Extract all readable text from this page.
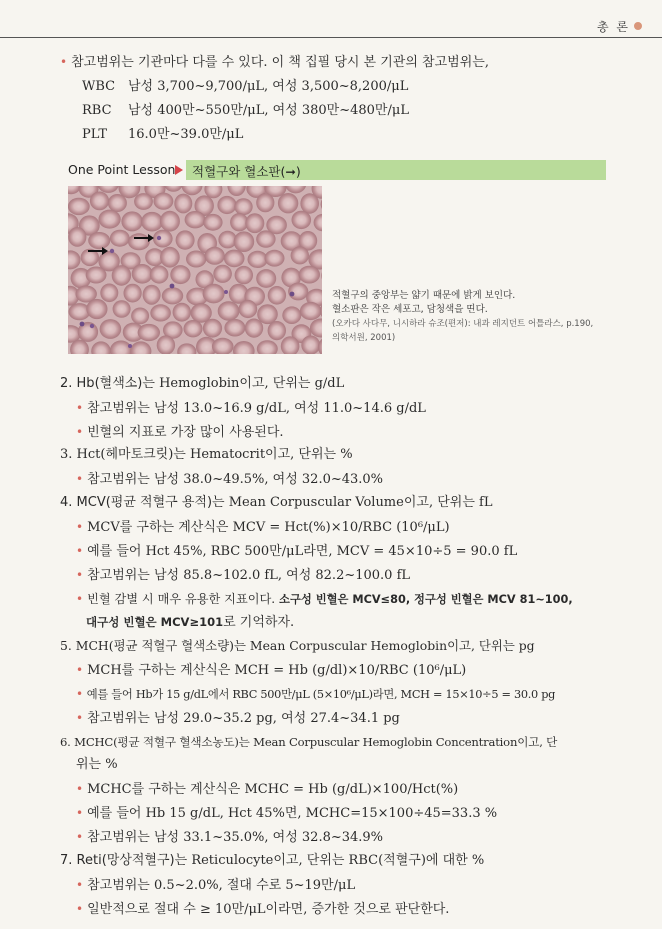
총 론
• 참고범위는 기관마다 다를 수 있다. 이 책 집필 당시 본 기관의 참고범위는,
WBC 남성 3,700~9,700/μL, 여성 3,500~8,200/μL
RBC 남성 400만~550만/μL, 여성 380만~480만/μL
PLT 16.0만~39.0만/μL
One Point Lesson 적혈구와 혈소판(➞)
적혈구의 중앙부는 얇기 때문에 밝게 보인다.
혈소판은 작은 세포고, 담청색을 띤다.
(오카다 사다무, 니시하라 슈조(편저): 내과 레지던트 어틀라스, p.190,
의학서원, 2001)
2. Hb(혈색소)는 Hemoglobin이고, 단위는 g/dL
• 참고범위는 남성 13.0~16.9 g/dL, 여성 11.0~14.6 g/dL
• 빈혈의 지표로 가장 많이 사용된다.
3. Hct(헤마토크릿)는 Hematocrit이고, 단위는 %
• 참고범위는 남성 38.0~49.5%, 여성 32.0~43.0%
4. MCV(평균 적혈구 용적)는 Mean Corpuscular Volume이고, 단위는 fL
• MCV를 구하는 계산식은 MCV = Hct(%)×10/RBC (10⁶/μL)
• 예를 들어 Hct 45%, RBC 500만/μL라면, MCV = 45×10÷5 = 90.0 fL
• 참고범위는 남성 85.8~102.0 fL, 여성 82.2~100.0 fL
• 빈혈 감별 시 매우 유용한 지표이다. 소구성 빈혈은 MCV≤80, 정구성 빈혈은 MCV 81~100,
대구성 빈혈은 MCV≥101로 기억하자.
5. MCH(평균 적혈구 혈색소량)는 Mean Corpuscular Hemoglobin이고, 단위는 pg
• MCH를 구하는 계산식은 MCH = Hb (g/dl)×10/RBC (10⁶/μL)
• 예를 들어 Hb가 15 g/dL에서 RBC 500만/μL (5×10⁶/μL)라면, MCH = 15×10÷5 = 30.0 pg
• 참고범위는 남성 29.0~35.2 pg, 여성 27.4~34.1 pg
6. MCHC(평균 적혈구 혈색소농도)는 Mean Corpuscular Hemoglobin Concentration이고, 단
위는 %
• MCHC를 구하는 계산식은 MCHC = Hb (g/dL)×100/Hct(%)
• 예를 들어 Hb 15 g/dL, Hct 45%면, MCHC=15×100÷45=33.3 %
• 참고범위는 남성 33.1~35.0%, 여성 32.8~34.9%
7. Reti(망상적혈구)는 Reticulocyte이고, 단위는 RBC(적혈구)에 대한 %
• 참고범위는 0.5~2.0%, 절대 수로 5~19만/μL
• 일반적으로 절대 수 ≥ 10만/μL이라면, 증가한 것으로 판단한다.
